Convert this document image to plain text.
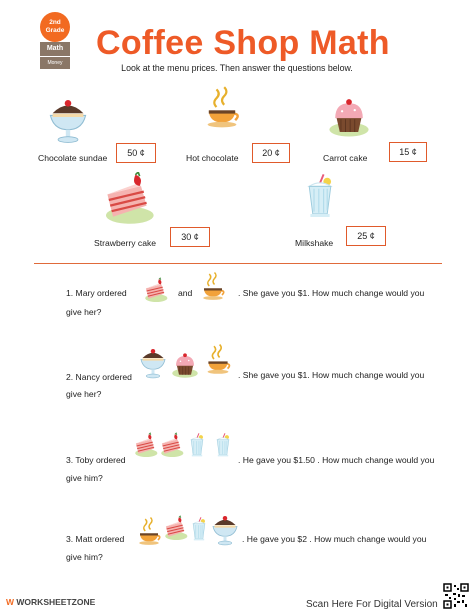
2nd Grade
Math
Money
Coffee Shop Math
Look at the menu prices. Then answer the questions below.
Chocolate sundae	50 ¢	Hot chocolate	20 ¢	Carrot cake
15 ¢
Strawberry cake
30 ¢
Milkshake
25 ¢
1. Mary ordered	and	. She gave you $1. How much change would you
give her?
2. Nancy ordered	. She gave you $1. How much change would you
give her?
3. Toby ordered	. He gave you $1.50 . How much change would you
give him?
3. Matt ordered	. He gave you $2 . How much change would you
give him?
W WORKSHEETZONE	Scan Here For Digital Version
